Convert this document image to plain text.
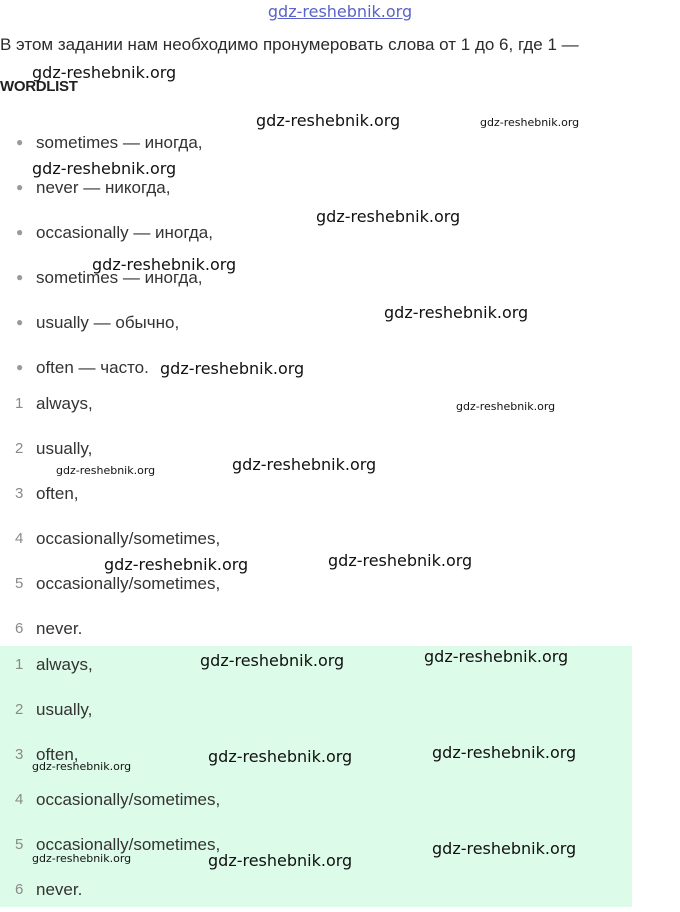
gdz-reshebnik.org
В этом задании нам необходимо пронумеровать слова от 1 до 6, где 1 —
WORDLIST
● sometimes — иногда,
● never — никогда,
● occasionally — иногда,
● sometimes — иногда,
● usually — обычно,
● often — часто.
1 always,
2 usually,
3 often,
4 occasionally/sometimes,
5 occasionally/sometimes,
6 never.
1 always,
2 usually,
3 often,
4 occasionally/sometimes,
5 occasionally/sometimes,
6 never.
gdz-reshebnik.org
gdz-reshebnik.org	gdz-reshebnik.org
gdz-reshebnik.org
gdz-reshebnik.org
gdz-reshebnik.org
gdz-reshebnik.org
gdz-reshebnik.org
gdz-reshebnik.org
gdz-reshebnik.org
gdz-reshebnik.org
gdz-reshebnik.org	gdz-reshebnik.org
gdz-reshebnik.org	gdz-reshebnik.org
gdz-reshebnik.org	gdz-reshebnik.org
gdz-reshebnik.org
gdz-reshebnik.org
gdz-reshebnik.org
gdz-reshebnik.org
